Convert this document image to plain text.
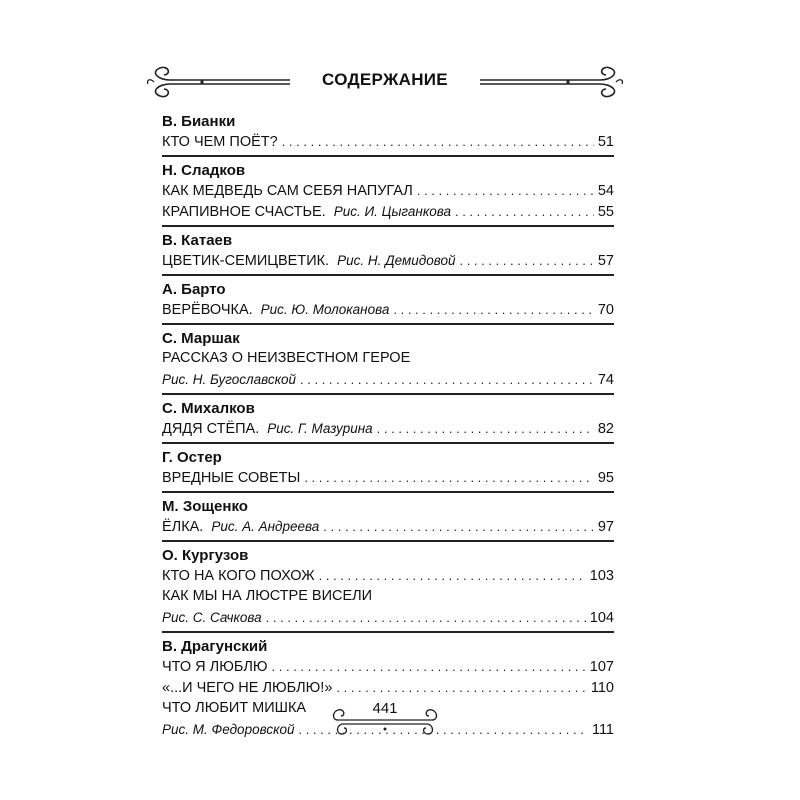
СОДЕРЖАНИЕ
В. Бианки
КТО ЧЕМ ПОЁТ? . . .	51
Н. Сладков
КАК МЕДВЕДЬ САМ СЕБЯ НАПУГАЛ . . .	54
КРАПИВНОЕ СЧАСТЬЕ. Рис. И. Цыганкова . . .	55
В. Катаев
ЦВЕТИК-СЕМИЦВЕТИК. Рис. Н. Демидовой . . .	57
А. Барто
ВЕРЁВОЧКА. Рис. Ю. Молоканова . . .	70
С. Маршак
РАССКАЗ О НЕИЗВЕСТНОМ ГЕРОЕ
Рис. Н. Бугославской . . .	74
С. Михалков
ДЯДЯ СТЁПА. Рис. Г. Мазурина . . .	82
Г. Остер
ВРЕДНЫЕ СОВЕТЫ . . .	95
М. Зощенко
ЁЛКА. Рис. А. Андреева . . .	97
О. Кургузов
КТО НА КОГО ПОХОЖ . . .	103
КАК МЫ НА ЛЮСТРЕ ВИСЕЛИ
Рис. С. Сачкова . . .	104
В. Драгунский
ЧТО Я ЛЮБЛЮ . . .	107
«...И ЧЕГО НЕ ЛЮБЛЮ!» . . .	110
ЧТО ЛЮБИТ МИШКА
Рис. М. Федоровской . . .	111
441
